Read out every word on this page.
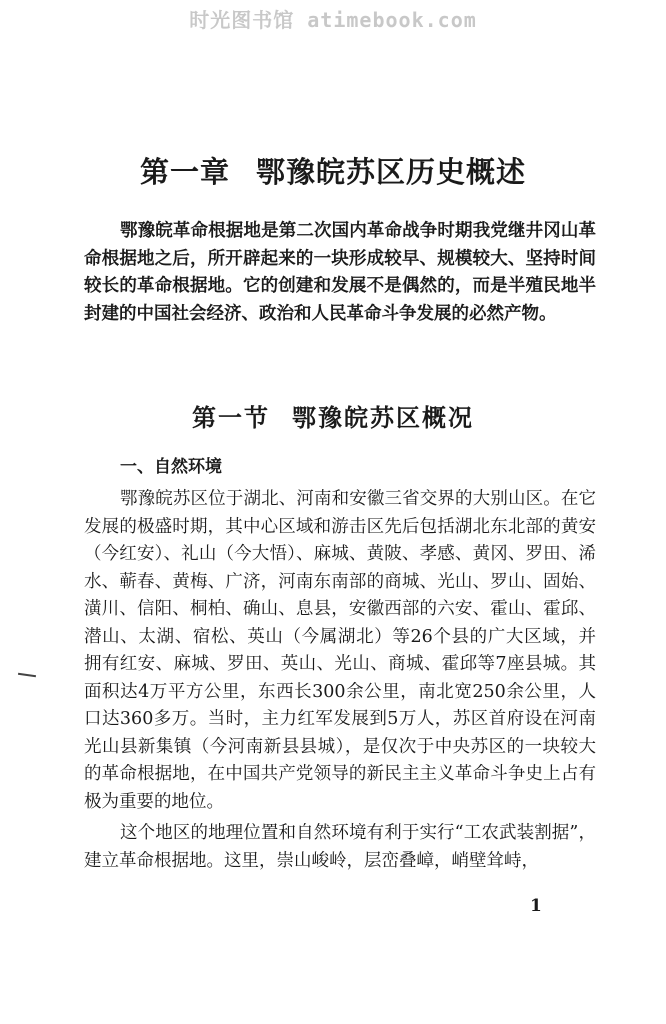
时光图书馆 atimebook.com
第一章 鄂豫皖苏区历史概述

鄂豫皖革命根据地是第二次国内革命战争时期我党继井冈山革命根据地之后，所开辟起来的一块形成较早、规模较大、坚持时间较长的革命根据地。它的创建和发展不是偶然的，而是半殖民地半封建的中国社会经济、政治和人民革命斗争发展的必然产物。

第一节 鄂豫皖苏区概况
一、自然环境

鄂豫皖苏区位于湖北、河南和安徽三省交界的大别山区。在它发展的极盛时期，其中心区域和游击区先后包括湖北东北部的黄安（今红安）、礼山（今大悟）、麻城、黄陂、孝感、黄冈、罗田、浠水、蕲春、黄梅、广济，河南东南部的商城、光山、罗山、固始、潢川、信阳、桐柏、确山、息县，安徽西部的六安、霍山、霍邱、潜山、太湖、宿松、英山（今属湖北）等26个县的广大区域，并拥有红安、麻城、罗田、英山、光山、商城、霍邱等7座县城。其面积达4万平方公里，东西长300余公里，南北宽250余公里，人口达360多万。当时，主力红军发展到5万人，苏区首府设在河南光山县新集镇（今河南新县县城），是仅次于中央苏区的一块较大的革命根据地，在中国共产党领导的新民主主义革命斗争史上占有极为重要的地位。

这个地区的地理位置和自然环境有利于实行“工农武装割据”，建立革命根据地。这里，崇山峻岭，层峦叠嶂，峭壁耸峙，

1
